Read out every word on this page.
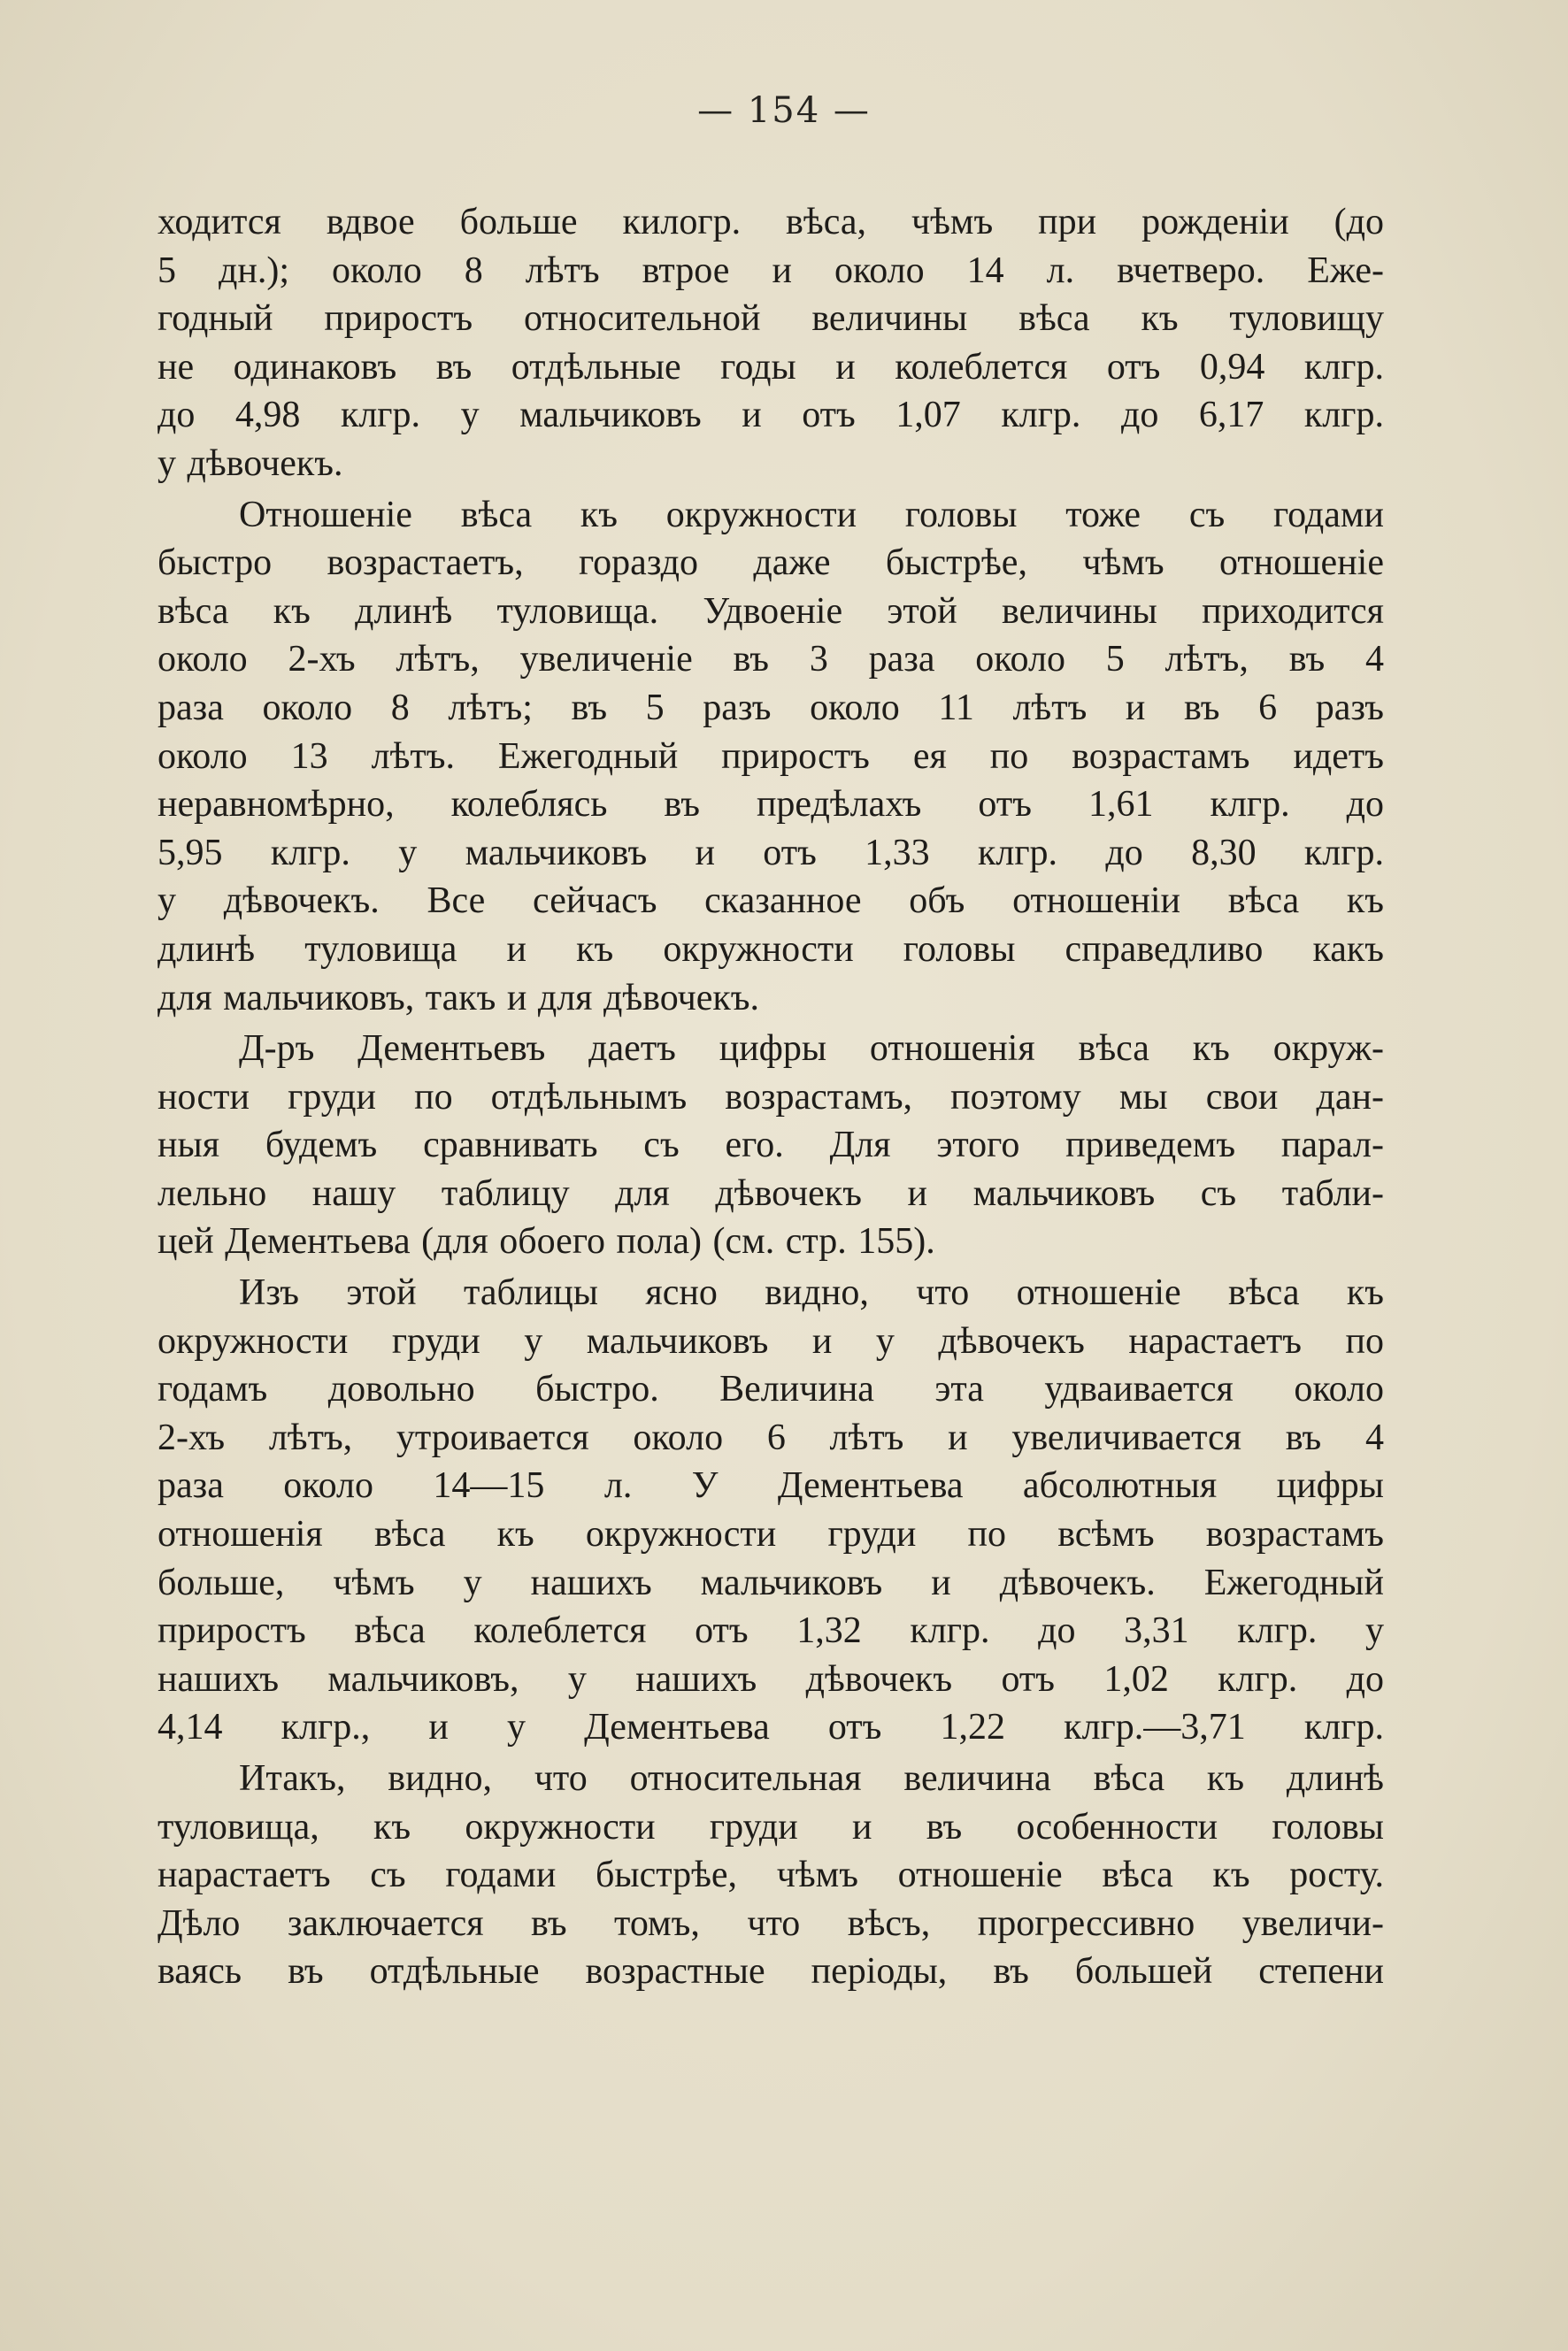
— 154 —
ходится вдвое больше килогр. вѣса, чѣмъ при рожденіи (до
5 дн.); около 8 лѣтъ втрое и около 14 л. вчетверо. Еже-
годный приростъ относительной величины вѣса къ туловищу
не одинаковъ въ отдѣльные годы и колеблется отъ 0,94 клгр.
до 4,98 клгр. у мальчиковъ и отъ 1,07 клгр. до 6,17 клгр.
у дѣвочекъ.
Отношеніе вѣса къ окружности головы тоже съ годами
быстро возрастаетъ, гораздо даже быстрѣе, чѣмъ отношеніе
вѣса къ длинѣ туловища. Удвоеніе этой величины приходится
около 2-хъ лѣтъ, увеличеніе въ 3 раза около 5 лѣтъ, въ 4
раза около 8 лѣтъ; въ 5 разъ около 11 лѣтъ и въ 6 разъ
около 13 лѣтъ. Ежегодный приростъ ея по возрастамъ идетъ
неравномѣрно, колеблясь въ предѣлахъ отъ 1,61 клгр. до
5,95 клгр. у мальчиковъ и отъ 1,33 клгр. до 8,30 клгр.
у дѣвочекъ. Все сейчасъ сказанное объ отношеніи вѣса къ
длинѣ туловища и къ окружности головы справедливо какъ
для мальчиковъ, такъ и для дѣвочекъ.
Д-ръ Дементьевъ даетъ цифры отношенія вѣса къ окруж-
ности груди по отдѣльнымъ возрастамъ, поэтому мы свои дан-
ныя будемъ сравнивать съ его. Для этого приведемъ парал-
лельно нашу таблицу для дѣвочекъ и мальчиковъ съ табли-
цей Дементьева (для обоего пола) (см. стр. 155).
Изъ этой таблицы ясно видно, что отношеніе вѣса къ
окружности груди у мальчиковъ и у дѣвочекъ нарастаетъ по
годамъ довольно быстро. Величина эта удваивается около
2-хъ лѣтъ, утроивается около 6 лѣтъ и увеличивается въ 4
раза около 14—15 л. У Дементьева абсолютныя цифры
отношенія вѣса къ окружности груди по всѣмъ возрастамъ
больше, чѣмъ у нашихъ мальчиковъ и дѣвочекъ. Ежегодный
приростъ вѣса колеблется отъ 1,32 клгр. до 3,31 клгр. у
нашихъ мальчиковъ, у нашихъ дѣвочекъ отъ 1,02 клгр. до
4,14 клгр., и у Дементьева отъ 1,22 клгр.—3,71 клгр.
Итакъ, видно, что относительная величина вѣса къ длинѣ
туловища, къ окружности груди и въ особенности головы
нарастаетъ съ годами быстрѣе, чѣмъ отношеніе вѣса къ росту.
Дѣло заключается въ томъ, что вѣсъ, прогрессивно увеличи-
ваясь въ отдѣльные возрастные періоды, въ большей степени
